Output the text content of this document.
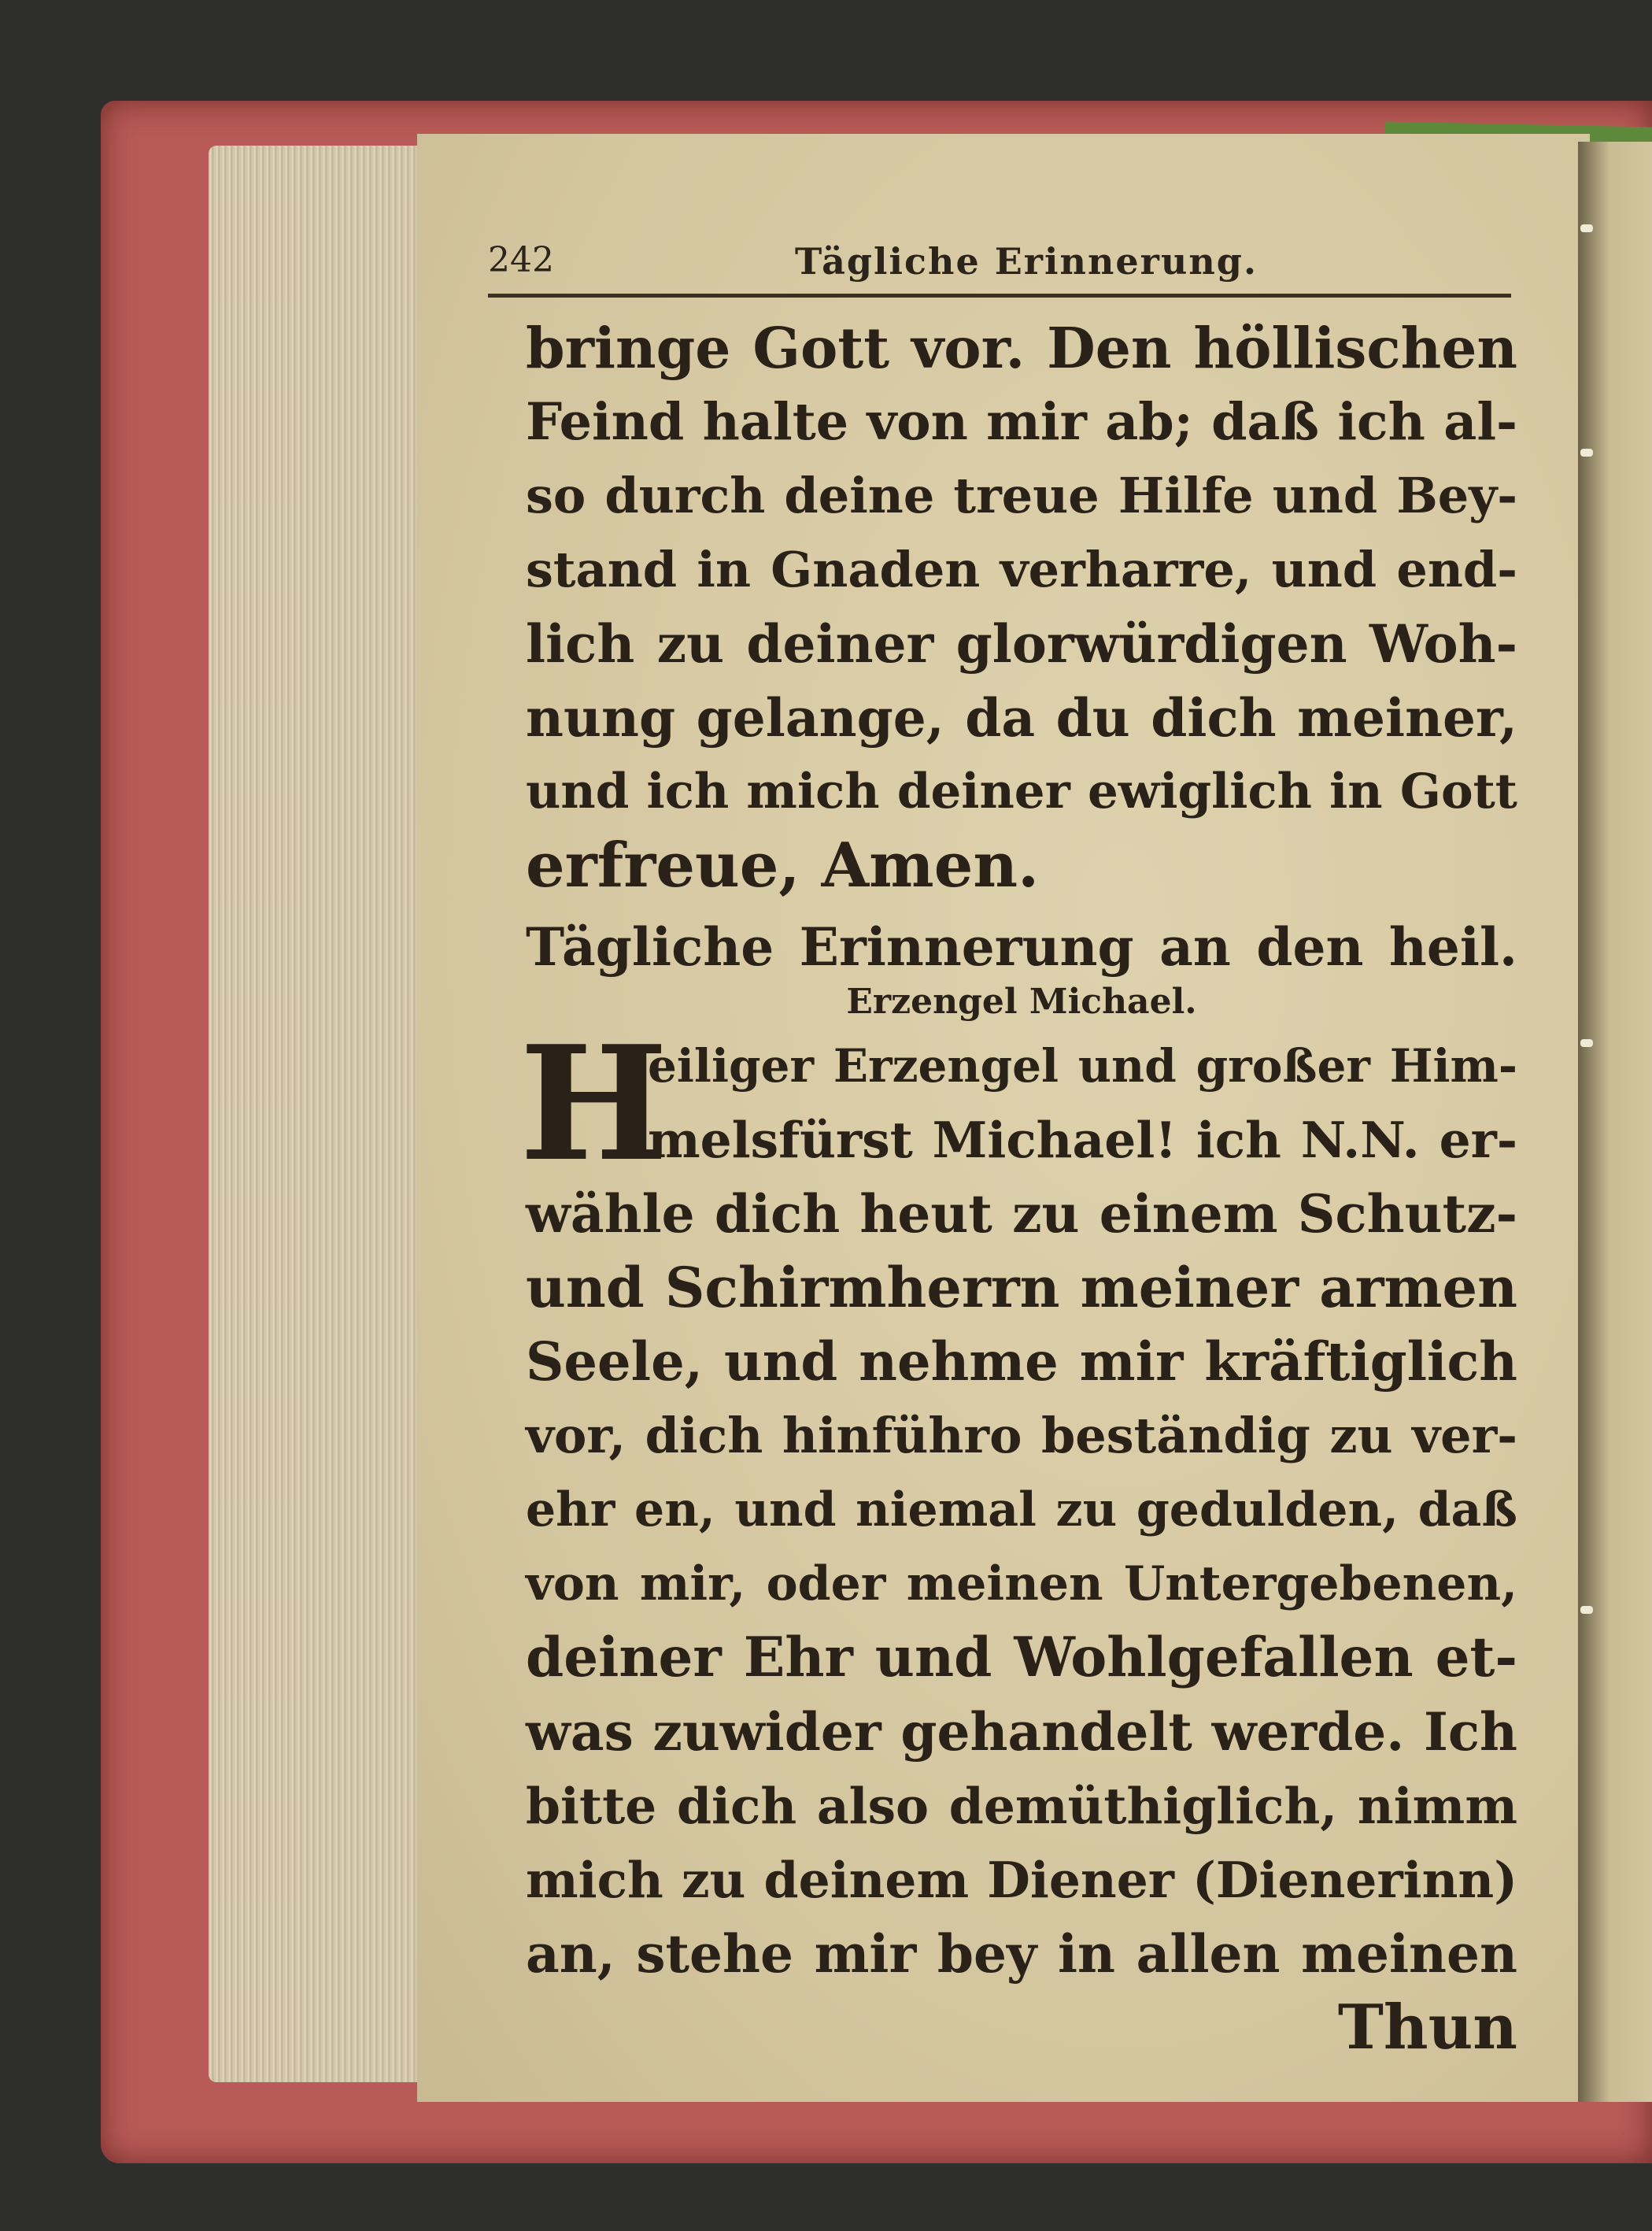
242	Tägliche Erinnerung.
bringe Gott vor. Den höllischen
Feind halte von mir ab; daß ich al-
so durch deine treue Hilfe und Bey-
stand in Gnaden verharre, und end-
lich zu deiner glorwürdigen Woh-
nung gelange, da du dich meiner,
und ich mich deiner ewiglich in Gott
erfreue, Amen.
Tägliche Erinnerung an den heil.
Erzengel Michael.
H
eiliger Erzengel und großer Him-
melsfürst Michael! ich N.N. er-
wähle dich heut zu einem Schutz-
und Schirmherrn meiner armen
Seele, und nehme mir kräftiglich
vor, dich hinführo beständig zu ver-
ehr en, und niemal zu gedulden, daß
von mir, oder meinen Untergebenen,
deiner Ehr und Wohlgefallen et-
was zuwider gehandelt werde. Ich
bitte dich also demüthiglich, nimm
mich zu deinem Diener (Dienerinn)
an, stehe mir bey in allen meinen
Thun
